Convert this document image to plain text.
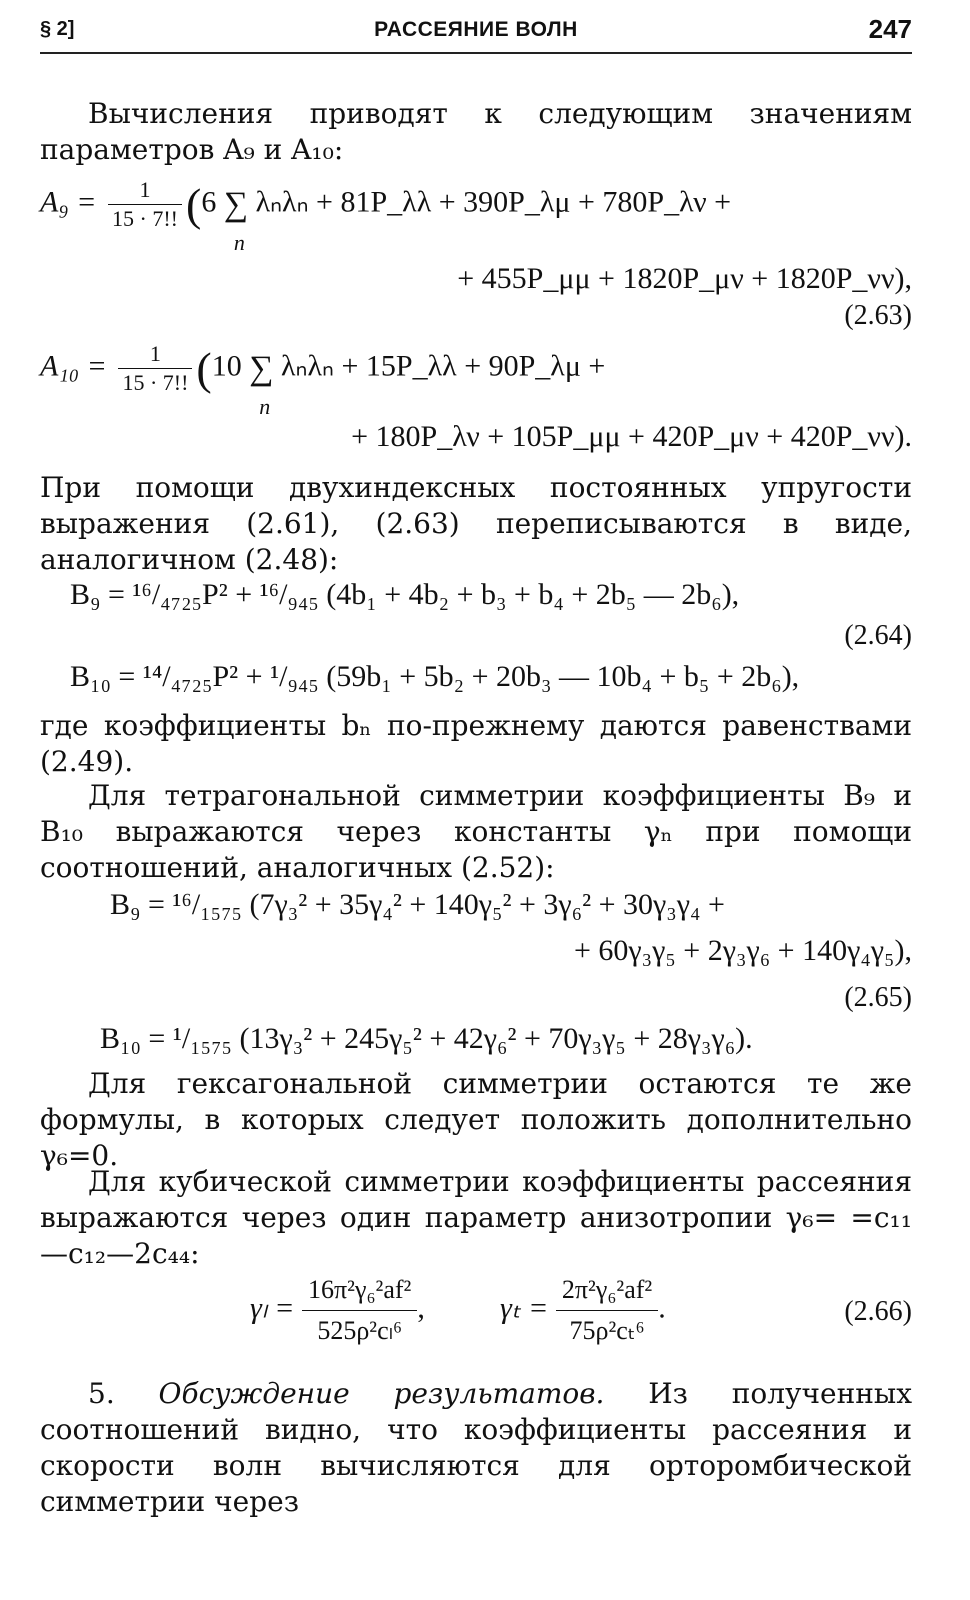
§ 2]	РАССЕЯНИЕ ВОЛН	247
Вычисления приводят к следующим значениям параметров A₉ и A₁₀:
$A_9 = \frac{1}{15 \cdot 7!!} (6$ ∑
n
λₙλₙ + 81P_λλ + 390P_λμ + 780P_λν +
+ 455P_μμ + 1820P_μν + 1820P_νν),
(2.63)
$A_{10} = \frac{1}{15 \cdot 7!!} (10$ ∑
n
λₙλₙ + 15P_λλ + 90P_λμ +
+ 180P_λν + 105P_μμ + 420P_μν + 420P_νν).
При помощи двухиндексных постоянных упругости выражения (2.61), (2.63) переписываются в виде, аналогичном (2.48):
B₉ = ¹⁶/₄₇₂₅P² + ¹⁶/₉₄₅ (4b₁ + 4b₂ + b₃ + b₄ + 2b₅ — 2b₆),
(2.64)
B₁₀ = ¹⁴/₄₇₂₅P² + ¹/₉₄₅ (59b₁ + 5b₂ + 20b₃ — 10b₄ + b₅ + 2b₆),
где коэффициенты bₙ по-прежнему даются равенствами (2.49).
Для тетрагональной симметрии коэффициенты B₉ и B₁₀ выражаются через константы γₙ при помощи соотношений, аналогичных (2.52):
B₉ = ¹⁶/₁₅₇₅ (7γ₃² + 35γ₄² + 140γ₅² + 3γ₆² + 30γ₃γ₄ +
+ 60γ₃γ₅ + 2γ₃γ₆ + 140γ₄γ₅),
(2.65)
B₁₀ = ¹/₁₅₇₅ (13γ₃² + 245γ₅² + 42γ₆² + 70γ₃γ₅ + 28γ₃γ₆).
Для гексагональной симметрии остаются те же формулы, в которых следует положить дополнительно γ₆=0.
Для кубической симметрии коэффициенты рассеяния выражаются через один параметр анизотропии γ₆= =c₁₁—c₁₂—2c₄₄:
$\gamma_l = \frac{\text{16π²γ₆²af²}}{\text{525ρ²cₗ⁶}}$ ,	$\gamma_t = \frac{\text{2π²γ₆²af²}}{\text{75ρ²cₜ⁶}}$ .	(2.66)
5. Обсуждение результатов. Из полученных соотношений видно, что коэффициенты рассеяния и скорости волн вычисляются для орторомбической симметрии через
